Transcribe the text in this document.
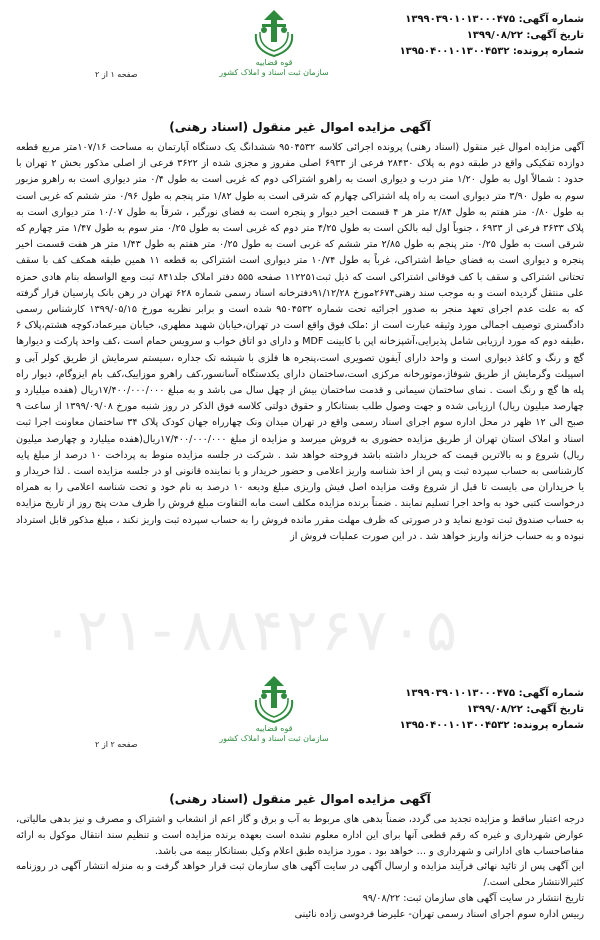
شماره آگهی: ۱۳۹۹۰۳۹۰۱۰۱۳۰۰۰۴۷۵
تاریخ آگهی: ۱۳۹۹/۰۸/۲۲
شماره پرونده: ۱۳۹۵۰۴۰۰۱۰۱۳۰۰۴۵۳۲
قوه قضاییه
سازمان ثبت اسناد و املاک کشور
صفحه ۱ از ۲
آگهی مزایده اموال غیر منقول (اسناد رهنی)
آگهی مزایده اموال غیر منقول (اسناد رهنی) پرونده اجرائی کلاسه ۹۵۰۴۵۳۲ ششدانگ یک دستگاه آپارتمان به مساحت ۱۰۷/۱۶متر مربع قطعه دوازده تفکیکی واقع در طبقه دوم به پلاک ۲۸۴۳۰ فرعی از ۶۹۳۳ اصلی مفروز و مجزی شده از ۳۶۲۲ فرعی از اصلی مذکور بخش ۲ تهران با حدود : شمالاً اول به طول ۱/۲۰ متر درب و دیواری است به راهرو اشتراکی دوم که غربی است به طول ۰/۴ متر دیواری است به راهرو مزبور سوم به طول ۳/۹۰ متر دیواری است به راه پله اشتراکی چهارم که شرقی است به طول ۱/۸۲ متر پنجم به طول ۰/۹۶ متر ششم که غربی است به طول ۰/۸۰ متر هفتم به طول ۲/۸۴ متر هر ۴ قسمت اخیر دیوار و پنجره است به فضای نورگیر ، شرقاً به طول ۱۰/۰۷ متر دیواری است به پلاک ۳۶۳۳ فرعی از ۶۹۳۳ ، جنوباً اول لبه بالکن است به طول ۴/۲۵ متر دوم که غربی است به طول ۰/۲۵ متر سوم به طول ۱/۴۷ متر چهارم که شرقی است به طول ۰/۲۵ متر پنجم به طول ۲/۸۵ متر ششم که غربی است به طول ۰/۲۵ متر هفتم به طول ۱/۴۳ متر هر هفت قسمت اخیر پنجره و دیواری است به فضای حیاط اشتراکی، غرباً به طول ۱۰/۷۴ متر دیواری است اشتراکی به قطعه ۱۱ همین طبقه همکف کف با سقف تحتانی اشتراکی و سقف با کف فوقانی اشتراکی است که ذیل ثبت۱۱۲۲۵۱ صفحه ۵۵۵ دفتر املاک جلد۸۴۱ ثبت ومع الواسطه بنام هادی حمزه علی منتقل گردیده است و به موجب سند رهنی۲۶۷۴مورخ ۹۱/۱۲/۲۸دفترخانه اسناد رسمی شماره ۶۲۸ تهران در رهن بانک پارسیان قرار گرفته که به علت عدم اجرای تعهد منجر به صدور اجرائیه تحت شماره ۹۵۰۴۵۳۲ شده است و برابر نظریه مورخ ۱۳۹۹/۰۵/۱۵ کارشناس رسمی دادگستری توصیف اجمالی مورد وثیقه عبارت است از :ملک فوق واقع است در تهران،خیابان شهید مطهری، خیابان میرعماد،کوچه هشتم،پلاک ۶ ،طبقه دوم که مورد ارزیابی شامل پذیرایی،آشپزخانه اپن با کابینت MDF و دارای دو اتاق خواب و سرویس حمام است ،کف واحد پارکت و دیوارها گچ و رنگ و کاغذ دیواری است و واحد دارای آیفون تصویری است،پنجره ها فلزی با شیشه تک جداره ،سیستم سرمایش از طریق کولر آبی و اسپیلت وگرمایش از طریق شوفاژ،موتورخانه مرکزی است،ساختمان دارای یکدستگاه آسانسور،کف راهرو موزاییک،کف بام ایزوگام، دیوار راه پله ها گچ و رنگ است . نمای ساختمان سیمانی و قدمت ساختمان بیش از چهل سال می باشد و به مبلغ ۱۷/۴۰۰/۰۰۰/۰۰۰ریال (هفده میلیارد و چهارصد میلیون ریال) ارزیابی شده و جهت وصول طلب بستانکار و حقوق دولتی کلاسه فوق الذکر در روز شنبه مورخ ۱۳۹۹/۰۹/۰۸ از ساعت ۹ صبح الی ۱۲ ظهر در محل اداره سوم اجرای اسناد رسمی واقع در تهران میدان ونک چهارراه جهان کودک پلاک ۳۴ ساختمان معاونت اجرا ثبت اسناد و املاک استان تهران از طریق مزایده حضوری به فروش میرسد و مزایده از مبلغ ۱۷/۴۰۰/۰۰۰/۰۰۰ریال(هفده میلیارد و چهارصد میلیون ریال) شروع و به بالاترین قیمت که خریدار داشته باشد فروخته خواهد شد . شرکت در جلسه مزایده منوط به پرداخت ۱۰ درصد از مبلغ پایه کارشناسی به حساب سپرده ثبت و پس از اخذ شناسه واریز اعلامی و حضور خریدار و یا نماینده قانونی او در جلسه مزایده است . لذا خریدار و یا خریداران می بایست تا قبل از شروع وقت مزایده اصل فیش واریزی مبلغ ودیعه ۱۰ درصد به نام خود و تحت شناسه اعلامی را به همراه درخواست کتبی خود به واحد اجرا تسلیم نمایند . ضمناً برنده مزایده مکلف است مابه التفاوت مبلغ فروش را ظرف مدت پنج روز از تاریخ مزایده به حساب صندوق ثبت تودیع نماید و در صورتی که ظرف مهلت مقرر مانده فروش را به حساب سپرده ثبت واریز نکند ، مبلغ مذکور قابل استرداد نبوده و به حساب خزانه واریز خواهد شد . در این صورت عملیات فروش از
۰۲۱-۸۸۴۲۶۷۰۵
شماره آگهی: ۱۳۹۹۰۳۹۰۱۰۱۳۰۰۰۴۷۵
تاریخ آگهی: ۱۳۹۹/۰۸/۲۲
شماره پرونده: ۱۳۹۵۰۴۰۰۱۰۱۳۰۰۴۵۳۲
قوه قضاییه
سازمان ثبت اسناد و املاک کشور
صفحه ۲ از ۲
آگهی مزایده اموال غیر منقول (اسناد رهنی)

درجه اعتبار ساقط و مزایده تجدید می گردد، ضمناً بدهی های مربوط به آب و برق و گاز اعم از انشعاب و اشتراک و مصرف و نیز بدهی مالیاتی، عوارض شهرداری و غیره که رقم قطعی آنها برای این اداره معلوم نشده است بعهده برنده مزایده است و تنظیم سند انتقال موکول به ارائه مفاصاحساب های اداراتی و شهرداری و … خواهد بود . مورد مزایده طبق اعلام وکیل بستانکار بیمه می باشد.

این آگهی پس از تائید نهائی فرآیند مزایده و ارسال آگهی در سایت آگهی های سازمان ثبت قرار خواهد گرفت و به منزله انتشار آگهی در روزنامه کثیرالانتشار محلی است./

تاریخ انتشار در سایت آگهی های سازمان ثبت: ۹۹/۰۸/۲۲

رییس اداره سوم اجرای اسناد رسمی تهران- علیرضا فردوسی زاده نائینی
